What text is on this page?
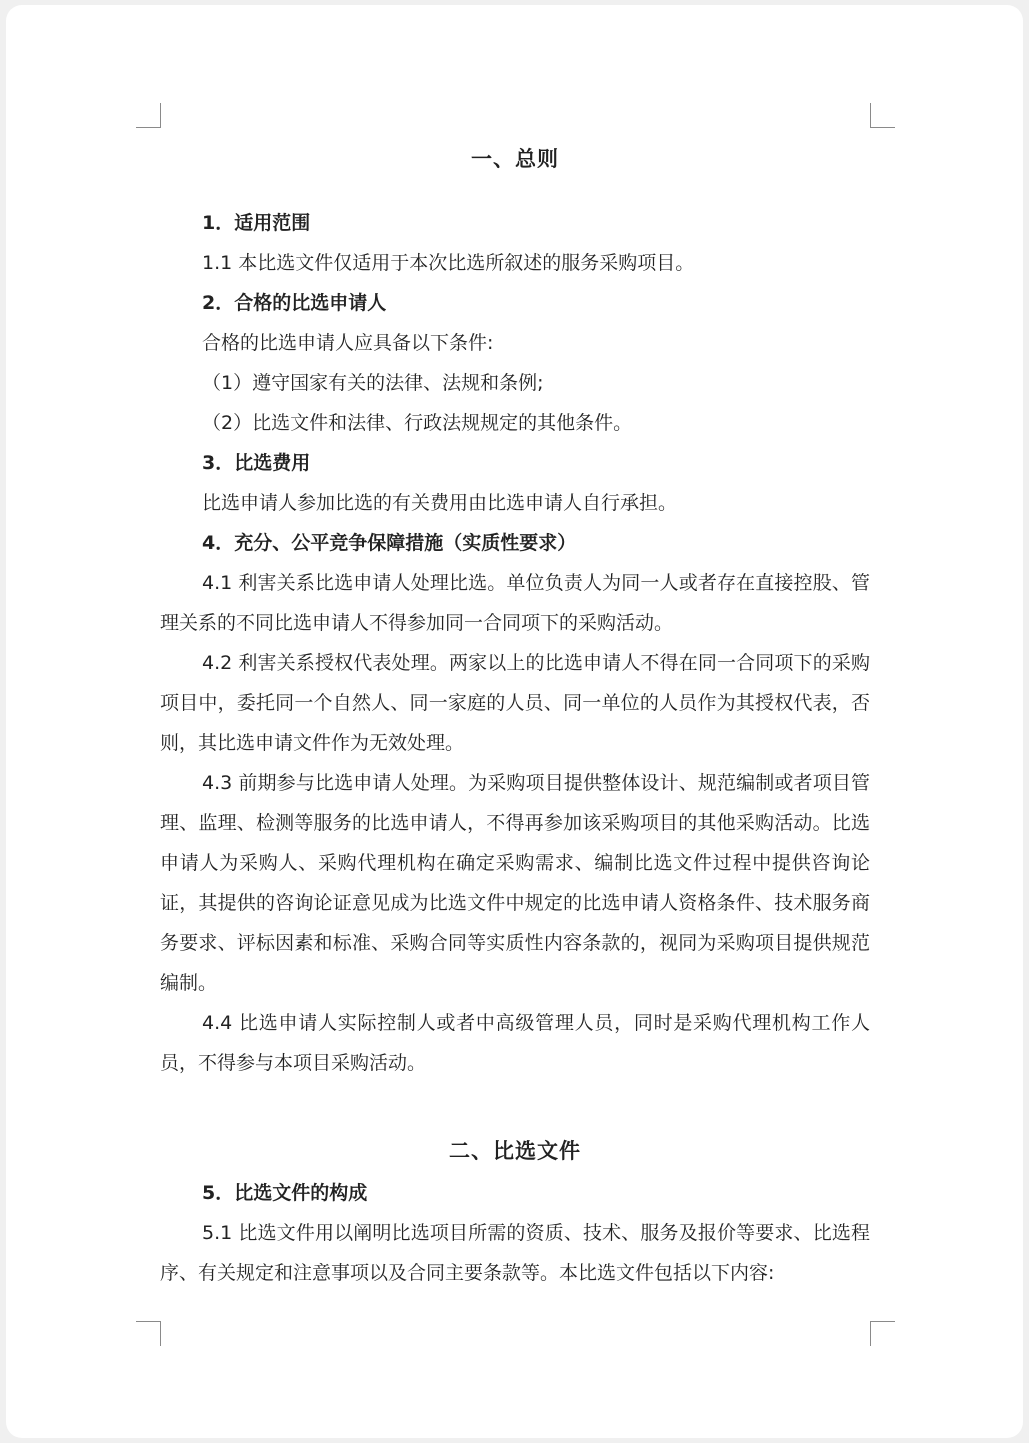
一、总则

1．适用范围

1.1 本比选文件仅适用于本次比选所叙述的服务采购项目。

2．合格的比选申请人

合格的比选申请人应具备以下条件:

（1）遵守国家有关的法律、法规和条例;

（2）比选文件和法律、行政法规规定的其他条件。

3．比选费用

比选申请人参加比选的有关费用由比选申请人自行承担。

4．充分、公平竞争保障措施（实质性要求）

4.1 利害关系比选申请人处理比选。单位负责人为同一人或者存在直接控股、管理关系的不同比选申请人不得参加同一合同项下的采购活动。

4.2 利害关系授权代表处理。两家以上的比选申请人不得在同一合同项下的采购项目中，委托同一个自然人、同一家庭的人员、同一单位的人员作为其授权代表，否则，其比选申请文件作为无效处理。

4.3 前期参与比选申请人处理。为采购项目提供整体设计、规范编制或者项目管理、监理、检测等服务的比选申请人，不得再参加该采购项目的其他采购活动。比选申请人为采购人、采购代理机构在确定采购需求、编制比选文件过程中提供咨询论证，其提供的咨询论证意见成为比选文件中规定的比选申请人资格条件、技术服务商务要求、评标因素和标准、采购合同等实质性内容条款的，视同为采购项目提供规范编制。

4.4 比选申请人实际控制人或者中高级管理人员，同时是采购代理机构工作人员，不得参与本项目采购活动。

二、比选文件

5．比选文件的构成

5.1 比选文件用以阐明比选项目所需的资质、技术、服务及报价等要求、比选程序、有关规定和注意事项以及合同主要条款等。本比选文件包括以下内容:
